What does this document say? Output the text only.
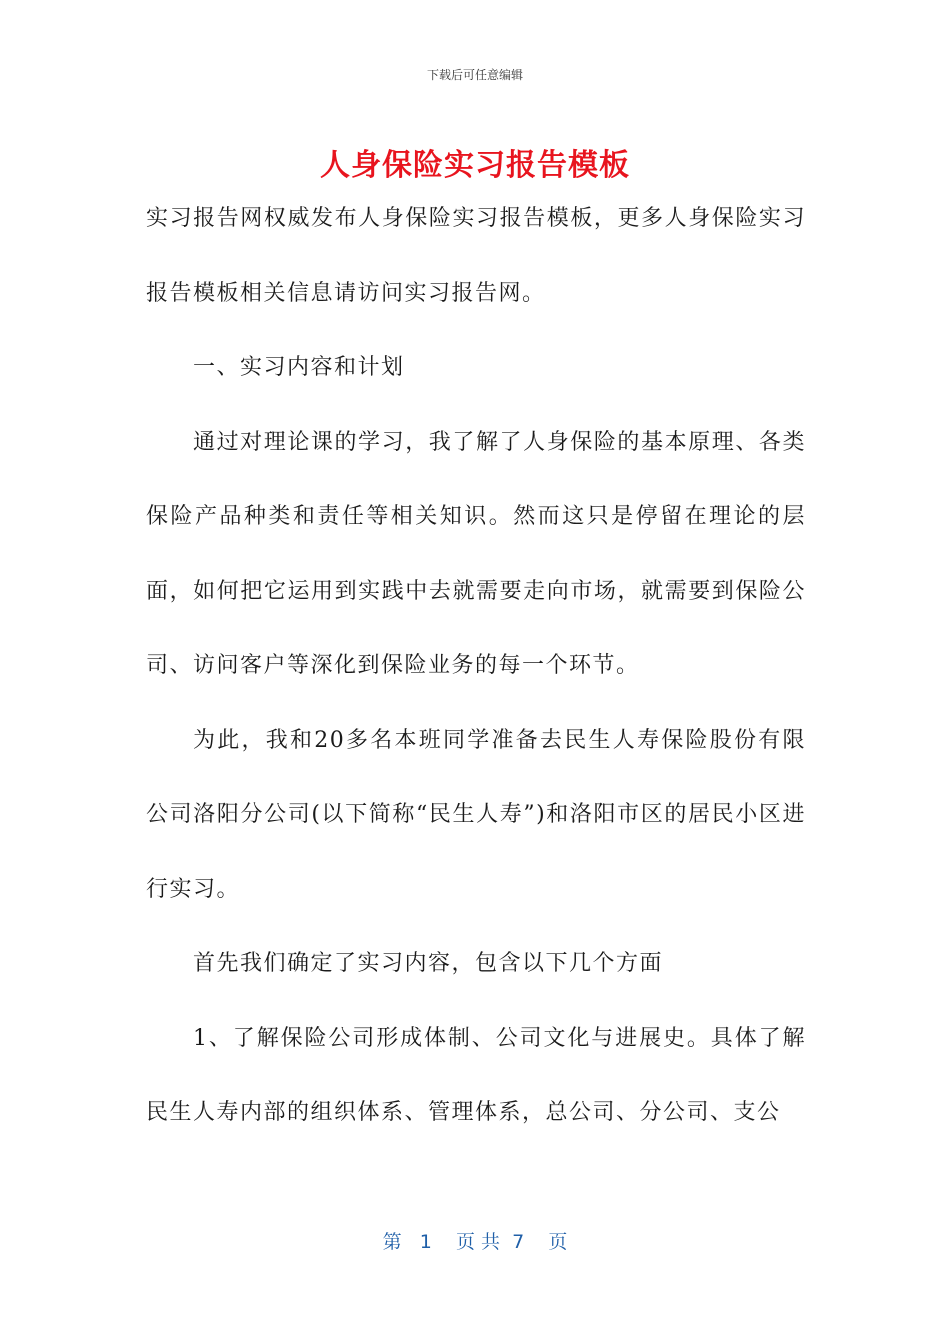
下载后可任意编辑
人身保险实习报告模板

实习报告网权威发布人身保险实习报告模板，更多人身保险实习报告模板相关信息请访问实习报告网。

一、实习内容和计划

通过对理论课的学习，我了解了人身保险的基本原理、各类保险产品种类和责任等相关知识。然而这只是停留在理论的层面，如何把它运用到实践中去就需要走向市场，就需要到保险公司、访问客户等深化到保险业务的每一个环节。

为此，我和20多名本班同学准备去民生人寿保险股份有限公司洛阳分公司(以下简称“民生人寿”)和洛阳市区的居民小区进行实习。

首先我们确定了实习内容，包含以下几个方面

1、了解保险公司形成体制、公司文化与进展史。具体了解民生人寿内部的组织体系、管理体系，总公司、分公司、支公

第   1    页 共  7    页
